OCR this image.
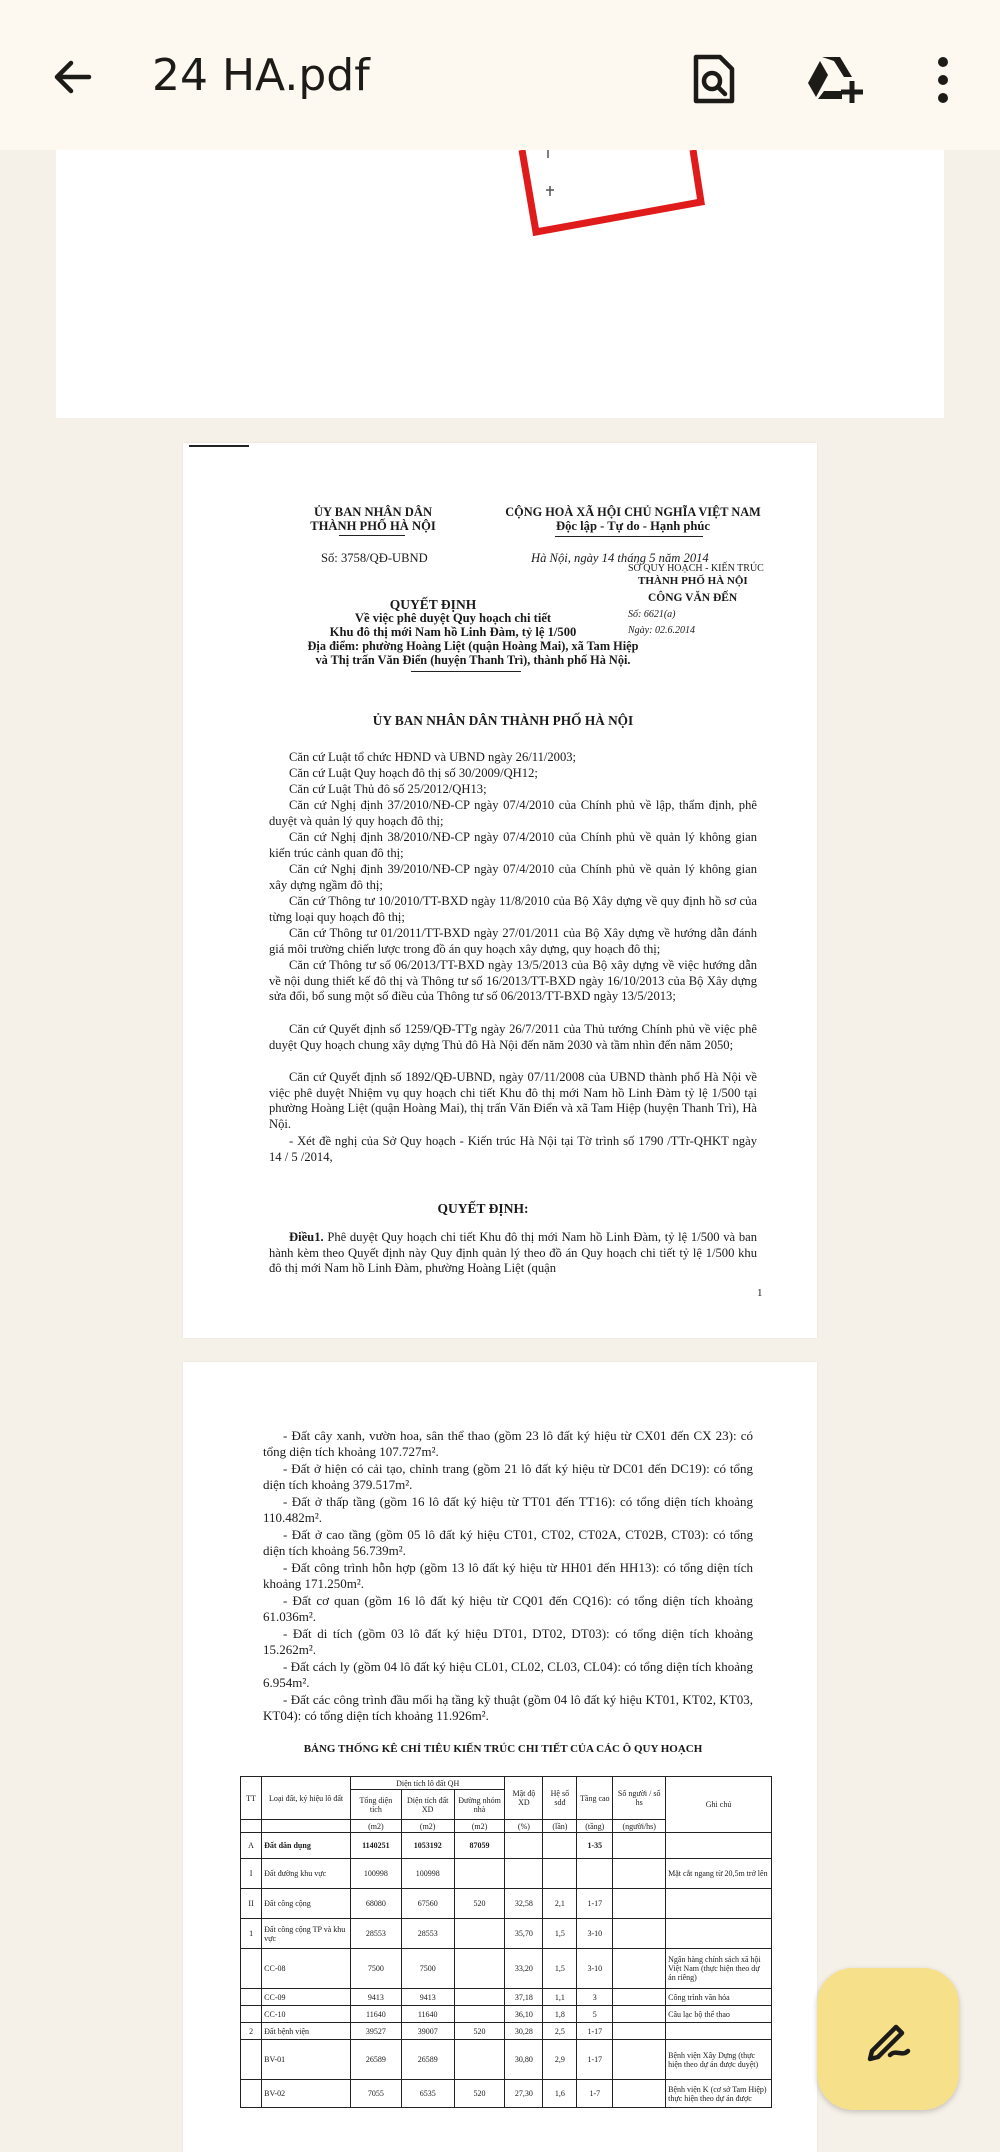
24 HA.pdf
ỦY BAN NHÂN DÂN
THÀNH PHỐ HÀ NỘI
CỘNG HOÀ XÃ HỘI CHỦ NGHĨA VIỆT NAM
Độc lập - Tự do - Hạnh phúc
Số: 3758/QĐ-UBND	Hà Nội, ngày 14 tháng 5 năm 2014
SỞ QUY HOẠCH - KIẾN TRÚC
THÀNH PHỐ HÀ NỘI
CÔNG VĂN ĐẾN
Số: 6621(a)
Ngày: 02.6.2014
QUYẾT ĐỊNH
Về việc phê duyệt Quy hoạch chi tiết
Khu đô thị mới Nam hồ Linh Đàm, tỷ lệ 1/500
Địa điểm: phường Hoàng Liệt (quận Hoàng Mai), xã Tam Hiệp
và Thị trấn Văn Điển (huyện Thanh Trì), thành phố Hà Nội.
ỦY BAN NHÂN DÂN THÀNH PHỐ HÀ NỘI
Căn cứ Luật tổ chức HĐND và UBND ngày 26/11/2003;
Căn cứ Luật Quy hoạch đô thị số 30/2009/QH12;
Căn cứ Luật Thủ đô số 25/2012/QH13;
Căn cứ Nghị định 37/2010/NĐ-CP ngày 07/4/2010 của Chính phủ về lập, thẩm định, phê duyệt và quản lý quy hoạch đô thị;
Căn cứ Nghị định 38/2010/NĐ-CP ngày 07/4/2010 của Chính phủ về quản lý không gian kiến trúc cảnh quan đô thị;
Căn cứ Nghị định 39/2010/NĐ-CP ngày 07/4/2010 của Chính phủ về quản lý không gian xây dựng ngầm đô thị;
Căn cứ Thông tư 10/2010/TT-BXD ngày 11/8/2010 của Bộ Xây dựng về quy định hồ sơ của từng loại quy hoạch đô thị;
Căn cứ Thông tư 01/2011/TT-BXD ngày 27/01/2011 của Bộ Xây dựng về hướng dẫn đánh giá môi trường chiến lược trong đồ án quy hoạch xây dựng, quy hoạch đô thị;
Căn cứ Thông tư số 06/2013/TT-BXD ngày 13/5/2013 của Bộ xây dựng về việc hướng dẫn về nội dung thiết kế đô thị và Thông tư số 16/2013/TT-BXD ngày 16/10/2013 của Bộ Xây dựng sửa đổi, bổ sung một số điều của Thông tư số 06/2013/TT-BXD ngày 13/5/2013;
Căn cứ Quyết định số 1259/QĐ-TTg ngày 26/7/2011 của Thủ tướng Chính phủ về việc phê duyệt Quy hoạch chung xây dựng Thủ đô Hà Nội đến năm 2030 và tầm nhìn đến năm 2050;
Căn cứ Quyết định số 1892/QĐ-UBND, ngày 07/11/2008 của UBND thành phố Hà Nội về việc phê duyệt Nhiệm vụ quy hoạch chi tiết Khu đô thị mới Nam hồ Linh Đàm tỷ lệ 1/500 tại phường Hoàng Liệt (quận Hoàng Mai), thị trấn Văn Điển và xã Tam Hiệp (huyện Thanh Trì), Hà Nội.
- Xét đề nghị của Sở Quy hoạch - Kiến trúc Hà Nội tại Tờ trình số 1790 /TTr-QHKT ngày 14 / 5 /2014,
QUYẾT ĐỊNH:
Điều1. Phê duyệt Quy hoạch chi tiết Khu đô thị mới Nam hồ Linh Đàm, tỷ lệ 1/500 và ban hành kèm theo Quyết định này Quy định quản lý theo đồ án Quy hoạch chi tiết tỷ lệ 1/500 khu đô thị mới Nam hồ Linh Đàm, phường Hoàng Liệt (quận
1
- Đất cây xanh, vườn hoa, sân thể thao (gồm 23 lô đất ký hiệu từ CX01 đến CX 23): có tổng diện tích khoảng 107.727m².
- Đất ở hiện có cải tạo, chỉnh trang (gồm 21 lô đất ký hiệu từ DC01 đến DC19): có tổng diện tích khoảng 379.517m².
- Đất ở thấp tầng (gồm 16 lô đất ký hiệu từ TT01 đến TT16): có tổng diện tích khoảng 110.482m².
- Đất ở cao tầng (gồm 05 lô đất ký hiệu CT01, CT02, CT02A, CT02B, CT03): có tổng diện tích khoảng 56.739m².
- Đất công trình hỗn hợp (gồm 13 lô đất ký hiệu từ HH01 đến HH13): có tổng diện tích khoảng 171.250m².
- Đất cơ quan (gồm 16 lô đất ký hiệu từ CQ01 đến CQ16): có tổng diện tích khoảng 61.036m².
- Đất di tích (gồm 03 lô đất ký hiệu DT01, DT02, DT03): có tổng diện tích khoảng 15.262m².
- Đất cách ly (gồm 04 lô đất ký hiệu CL01, CL02, CL03, CL04): có tổng diện tích khoảng 6.954m².
- Đất các công trình đầu mối hạ tầng kỹ thuật (gồm 04 lô đất ký hiệu KT01, KT02, KT03, KT04): có tổng diện tích khoảng 11.926m².
BẢNG THỐNG KÊ CHỈ TIÊU KIẾN TRÚC CHI TIẾT CỦA CÁC Ô QUY HOẠCH
TT	Loại đất, ký hiệu lô đất	Diện tích lô đất QH			Mật độ XD	Hệ số sdđ	Tầng cao	Số người / số hs	Ghi chú
		Tổng diện tích	Diện tích đất XD	Đường nhóm nhà					
		(m2)	(m2)	(m2)	(%)	(lần)	(tầng)	(người/hs)	
A	Đất dân dụng	1140251	1053192	87059			1-35		
I	Đất đường khu vực	100998	100998						Mặt cắt ngang từ 20,5m trở lên
II	Đất công cộng	68080	67560	520	32,58	2,1	1-17		
1	Đất công cộng TP và khu vực	28553	28553		35,70	1,5	3-10		
	CC-08	7500	7500		33,20	1,5	3-10		Ngân hàng chính sách xã hội Việt Nam (thực hiện theo dự án riêng)
	CC-09	9413	9413		37,18	1,1	3		Công trình văn hóa
	CC-10	11640	11640		36,10	1,8	5		Câu lạc bộ thể thao
2	Đất bệnh viện	39527	39007	520	30,28	2,5	1-17		
	BV-01	26589	26589		30,80	2,9	1-17		Bệnh viện Xây Dựng (thực hiện theo dự án được duyệt)
	BV-02	7055	6535	520	27,30	1,6	1-7		Bệnh viện K (cơ sở Tam Hiệp) thực hiện theo dự án được
